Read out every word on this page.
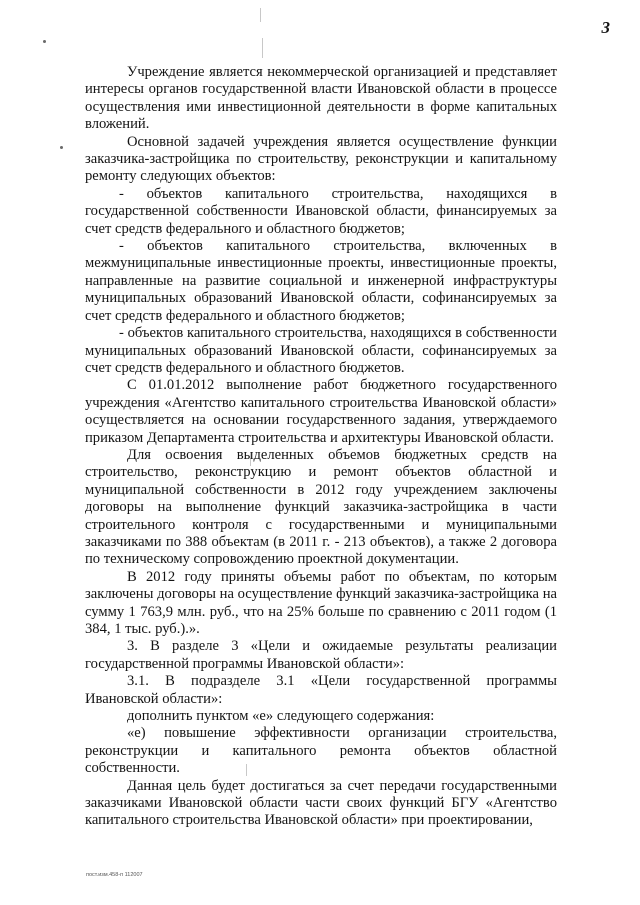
3

Учреждение является некоммерческой организацией и представляет интересы органов государственной власти Ивановской области в процессе осуществления ими инвестиционной деятельности в форме капитальных вложений.

Основной задачей учреждения является осуществление функции заказчика-застройщика по строительству, реконструкции и капитальному ремонту следующих объектов:

- объектов капитального строительства, находящихся в государственной собственности Ивановской области, финансируемых за счет средств федерального и областного бюджетов;

- объектов капитального строительства, включенных в межмуниципальные инвестиционные проекты, инвестиционные проекты, направленные на развитие социальной и инженерной инфраструктуры муниципальных образований Ивановской области, софинансируемых за счет средств федерального и областного бюджетов;

- объектов капитального строительства, находящихся в собственности муниципальных образований Ивановской области, софинансируемых за счет средств федерального и областного бюджетов.

С 01.01.2012 выполнение работ бюджетного государственного учреждения «Агентство капитального строительства Ивановской области» осуществляется на основании государственного задания, утверждаемого приказом Департамента строительства и архитектуры Ивановской области.

Для освоения выделенных объемов бюджетных средств на строительство, реконструкцию и ремонт объектов областной и муниципальной собственности в 2012 году учреждением заключены договоры на выполнение функций заказчика-застройщика в части строительного контроля с государственными и муниципальными заказчиками по 388 объектам (в 2011 г. - 213 объектов), а также 2 договора по техническому сопровождению проектной документации.

В 2012 году приняты объемы работ по объектам, по которым заключены договоры на осуществление функций заказчика-застройщика на сумму 1 763,9 млн. руб., что на 25% больше по сравнению с 2011 годом (1 384, 1 тыс. руб.).».

3. В разделе 3 «Цели и ожидаемые результаты реализации государственной программы Ивановской области»:

3.1. В подразделе 3.1 «Цели государственной программы Ивановской области»:

дополнить пунктом «е» следующего содержания:

«е) повышение эффективности организации строительства, реконструкции и капитального ремонта объектов областной собственности.

Данная цель будет достигаться за счет передачи государственными заказчиками Ивановской области части своих функций БГУ «Агентство капитального строительства Ивановской области» при проектировании,

пост.изм.458-п 112007
